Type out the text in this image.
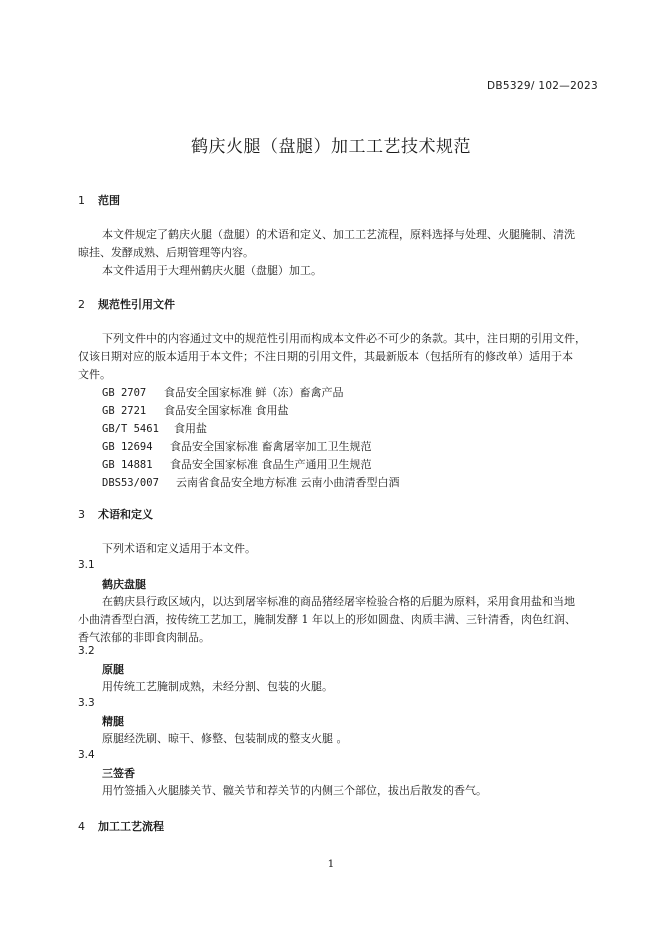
DB5329/ 102—2023
鹤庆火腿（盘腿）加工工艺技术规范
1 范围
本文件规定了鹤庆火腿（盘腿）的术语和定义、加工工艺流程，原料选择与处理、火腿腌制、清洗
晾挂、发酵成熟、后期管理等内容。
本文件适用于大理州鹤庆火腿（盘腿）加工。
2 规范性引用文件
下列文件中的内容通过文中的规范性引用而构成本文件必不可少的条款。其中，注日期的引用文件，
仅该日期对应的版本适用于本文件；不注日期的引用文件，其最新版本（包括所有的修改单）适用于本
文件。
GB 2707 食品安全国家标准 鲜（冻）畜禽产品
GB 2721 食品安全国家标准 食用盐
GB/T 5461 食用盐
GB 12694 食品安全国家标准 畜禽屠宰加工卫生规范
GB 14881 食品安全国家标准 食品生产通用卫生规范
DBS53/007 云南省食品安全地方标准 云南小曲清香型白酒
3 术语和定义
下列术语和定义适用于本文件。
3.1
鹤庆盘腿
在鹤庆县行政区域内，以达到屠宰标准的商品猪经屠宰检验合格的后腿为原料，采用食用盐和当地
小曲清香型白酒，按传统工艺加工，腌制发酵 1 年以上的形如圆盘、肉质丰满、三针清香，肉色红润、
香气浓郁的非即食肉制品。
3.2
原腿
用传统工艺腌制成熟，未经分割、包装的火腿。
3.3
精腿
原腿经洗刷、晾干、修整、包装制成的整支火腿 。
3.4
三签香
用竹签插入火腿膝关节、髋关节和荐关节的内侧三个部位，拔出后散发的香气。
4 加工工艺流程
1
